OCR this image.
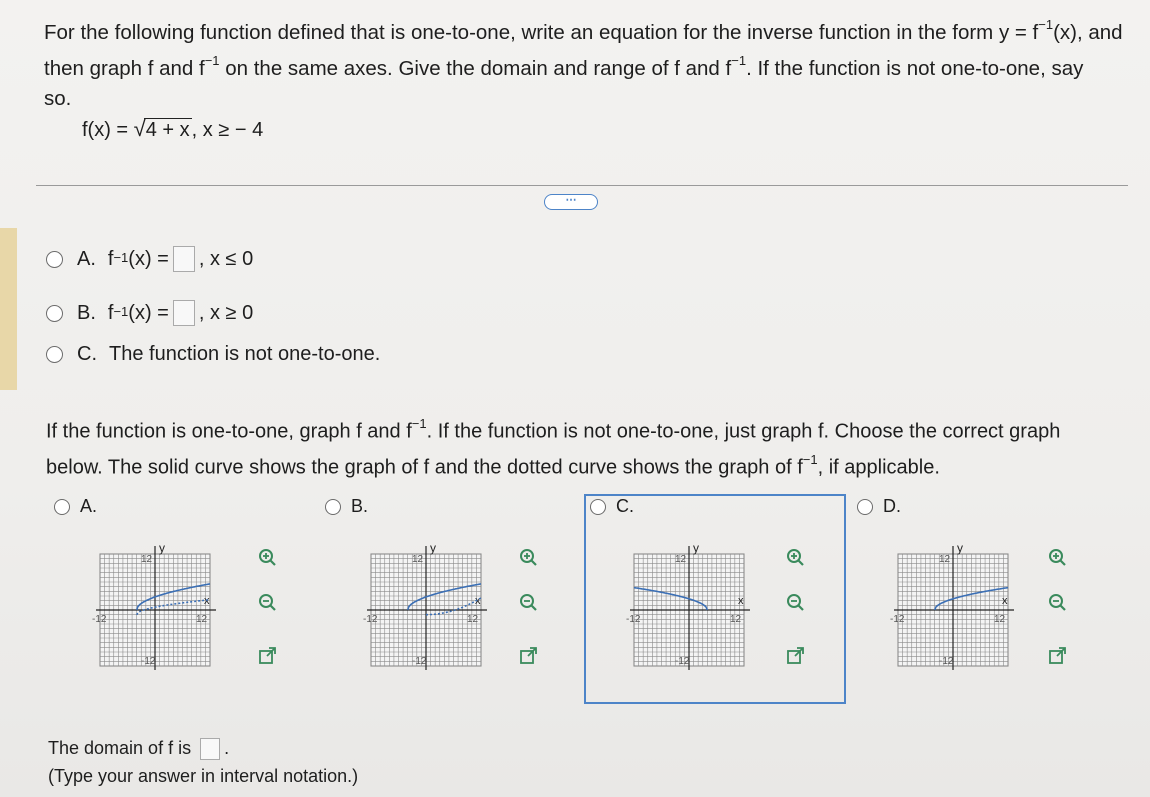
For the following function defined that is one-to-one, write an equation for the inverse function in the form $y = f^{-1}(x)$, and
then graph f and $f^{-1}$ on the same axes. Give the domain and range of f and $f^{-1}$. If the function is not one-to-one, say
so.
f(x) = √4 + x , x ≥ − 4
⋯
A. $f^{-1}$ (x) = , x ≤ 0
B. $f^{-1}$ (x) = , x ≥ 0
C. The function is not one-to-one.
If the function is one-to-one, graph f and $f^{-1}$. If the function is not one-to-one, just graph f. Choose the correct graph
below. The solid curve shows the graph of f and the dotted curve shows the graph of $f^{-1}$, if applicable.
A.	B.	C.	D.
y
x
12
12
-12
-12
y
x
12
12
-12
-12
y
x
12
12
-12
-12
y
x
12
12
-12
-12
The domain of f is .
(Type your answer in interval notation.)
